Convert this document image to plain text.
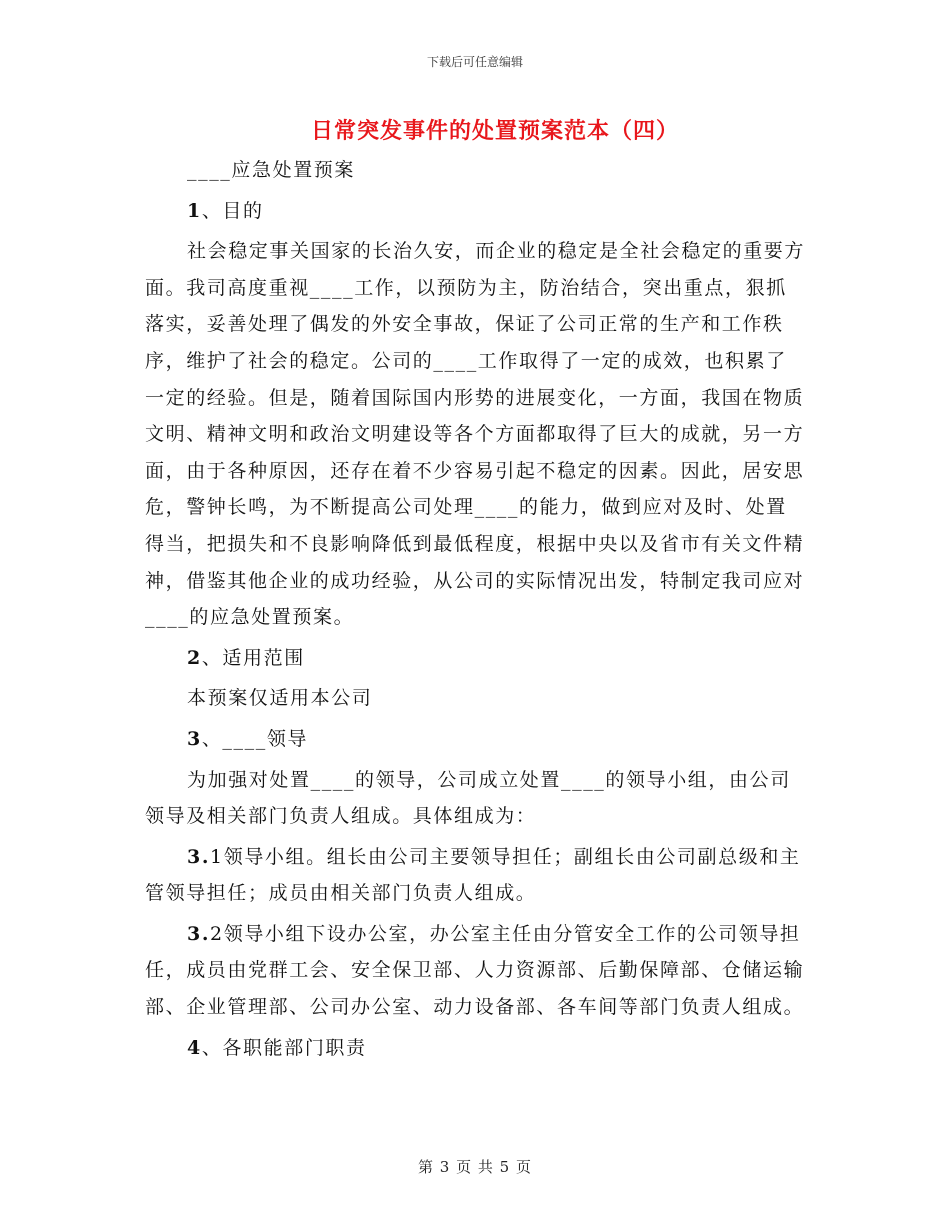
下载后可任意编辑
日常突发事件的处置预案范本（四）

____应急处置预案

1、目的

社会稳定事关国家的长治久安，而企业的稳定是全社会稳定的重要方面。我司高度重视____工作，以预防为主，防治结合，突出重点，狠抓落实，妥善处理了偶发的外安全事故，保证了公司正常的生产和工作秩序，维护了社会的稳定。公司的____工作取得了一定的成效，也积累了一定的经验。但是，随着国际国内形势的进展变化，一方面，我国在物质文明、精神文明和政治文明建设等各个方面都取得了巨大的成就，另一方面，由于各种原因，还存在着不少容易引起不稳定的因素。因此，居安思危，警钟长鸣，为不断提高公司处理____的能力，做到应对及时、处置得当，把损失和不良影响降低到最低程度，根据中央以及省市有关文件精神，借鉴其他企业的成功经验，从公司的实际情况出发，特制定我司应对____的应急处置预案。

2、适用范围

本预案仅适用本公司

3、____领导

为加强对处置____的领导，公司成立处置____的领导小组，由公司领导及相关部门负责人组成。具体组成为：

3.1领导小组。组长由公司主要领导担任；副组长由公司副总级和主管领导担任；成员由相关部门负责人组成。

3.2领导小组下设办公室，办公室主任由分管安全工作的公司领导担任，成员由党群工会、安全保卫部、人力资源部、后勤保障部、仓储运输部、企业管理部、公司办公室、动力设备部、各车间等部门负责人组成。

4、各职能部门职责

第 3 页 共 5 页
